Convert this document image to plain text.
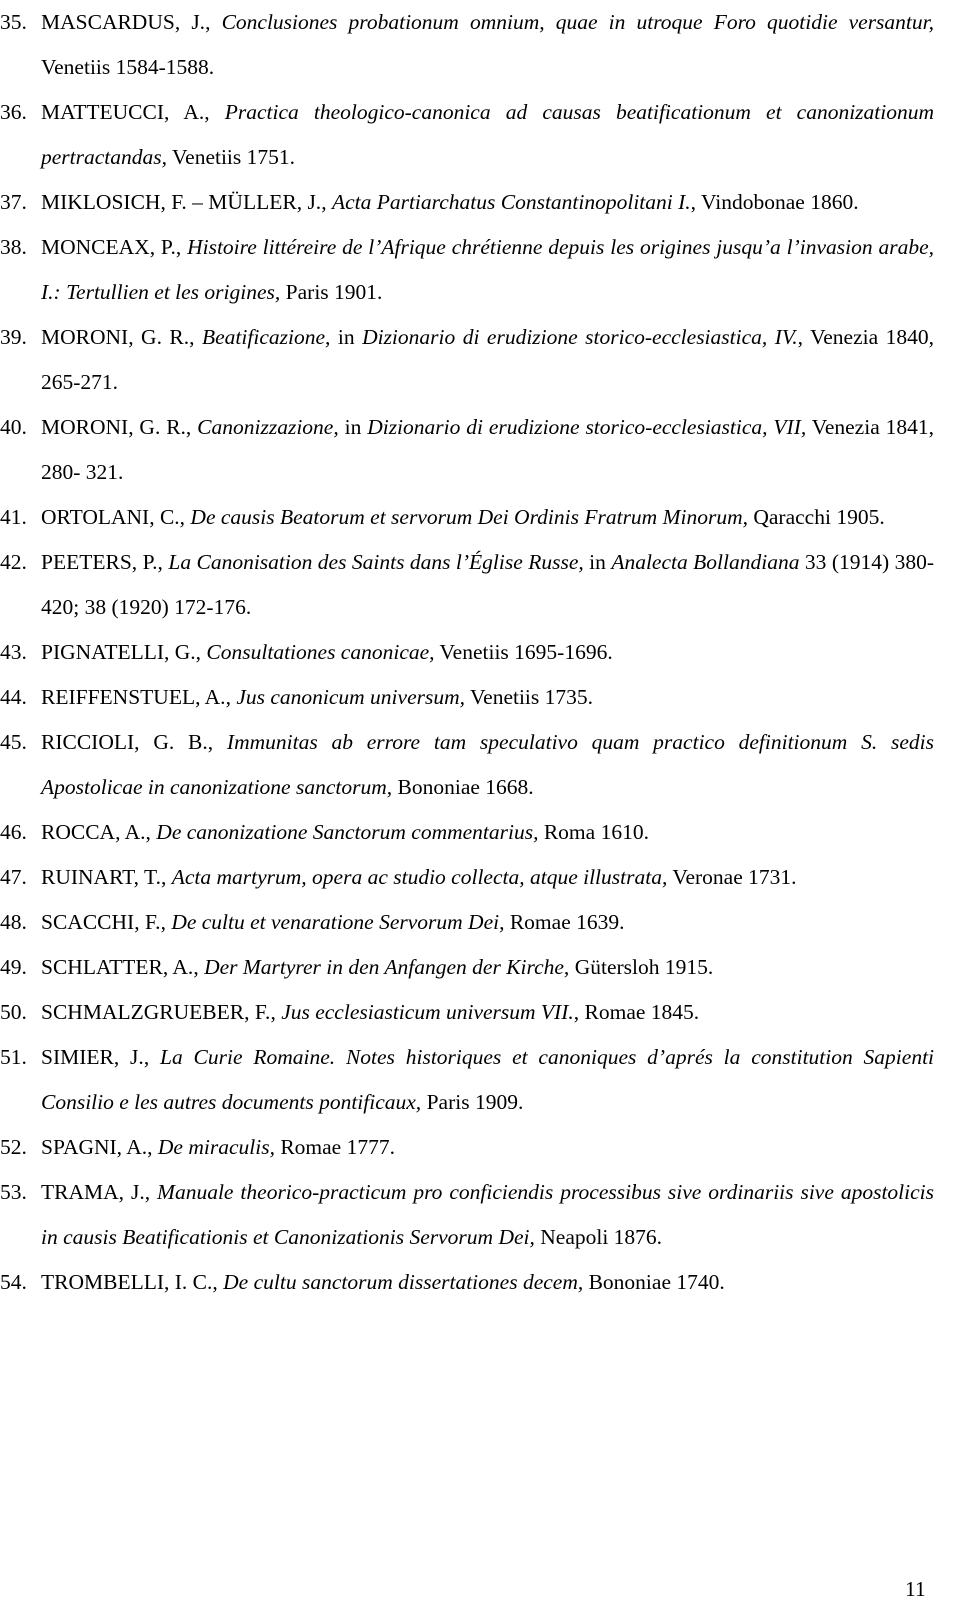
35. MASCARDUS, J., Conclusiones probationum omnium, quae in utroque Foro quotidie versantur, Venetiis 1584-1588.
36. MATTEUCCI, A., Practica theologico-canonica ad causas beatificationum et canonizationum pertractandas, Venetiis 1751.
37. MIKLOSICH, F. – MÜLLER, J., Acta Partiarchatus Constantinopolitani I., Vindobonae 1860.
38. MONCEAX, P., Histoire littéreire de l’Afrique chrétienne depuis les origines jusqu’a l’invasion arabe, I.: Tertullien et les origines, Paris 1901.
39. MORONI, G. R., Beatificazione, in Dizionario di erudizione storico-ecclesiastica, IV., Venezia 1840, 265-271.
40. MORONI, G. R., Canonizzazione, in Dizionario di erudizione storico-ecclesiastica, VII, Venezia 1841, 280- 321.
41. ORTOLANI, C., De causis Beatorum et servorum Dei Ordinis Fratrum Minorum, Qaracchi 1905.
42. PEETERS, P., La Canonisation des Saints dans l’Église Russe, in Analecta Bollandiana 33 (1914) 380-420; 38 (1920) 172-176.
43. PIGNATELLI, G., Consultationes canonicae, Venetiis 1695-1696.
44. REIFFENSTUEL, A., Jus canonicum universum, Venetiis 1735.
45. RICCIOLI, G. B., Immunitas ab errore tam speculativo quam practico definitionum S. sedis Apostolicae in canonizatione sanctorum, Bononiae 1668.
46. ROCCA, A., De canonizatione Sanctorum commentarius, Roma 1610.
47. RUINART, T., Acta martyrum, opera ac studio collecta, atque illustrata, Veronae 1731.
48. SCACCHI, F., De cultu et venaratione Servorum Dei, Romae 1639.
49. SCHLATTER, A., Der Martyrer in den Anfangen der Kirche, Gütersloh 1915.
50. SCHMALZGRUEBER, F., Jus ecclesiasticum universum VII., Romae 1845.
51. SIMIER, J., La Curie Romaine. Notes historiques et canoniques d’aprés la constitution Sapienti Consilio e les autres documents pontificaux, Paris 1909.
52. SPAGNI, A., De miraculis, Romae 1777.
53. TRAMA, J., Manuale theorico-practicum pro conficiendis processibus sive ordinariis sive apostolicis in causis Beatificationis et Canonizationis Servorum Dei, Neapoli 1876.
54. TROMBELLI, I. C., De cultu sanctorum dissertationes decem, Bononiae 1740.
11
